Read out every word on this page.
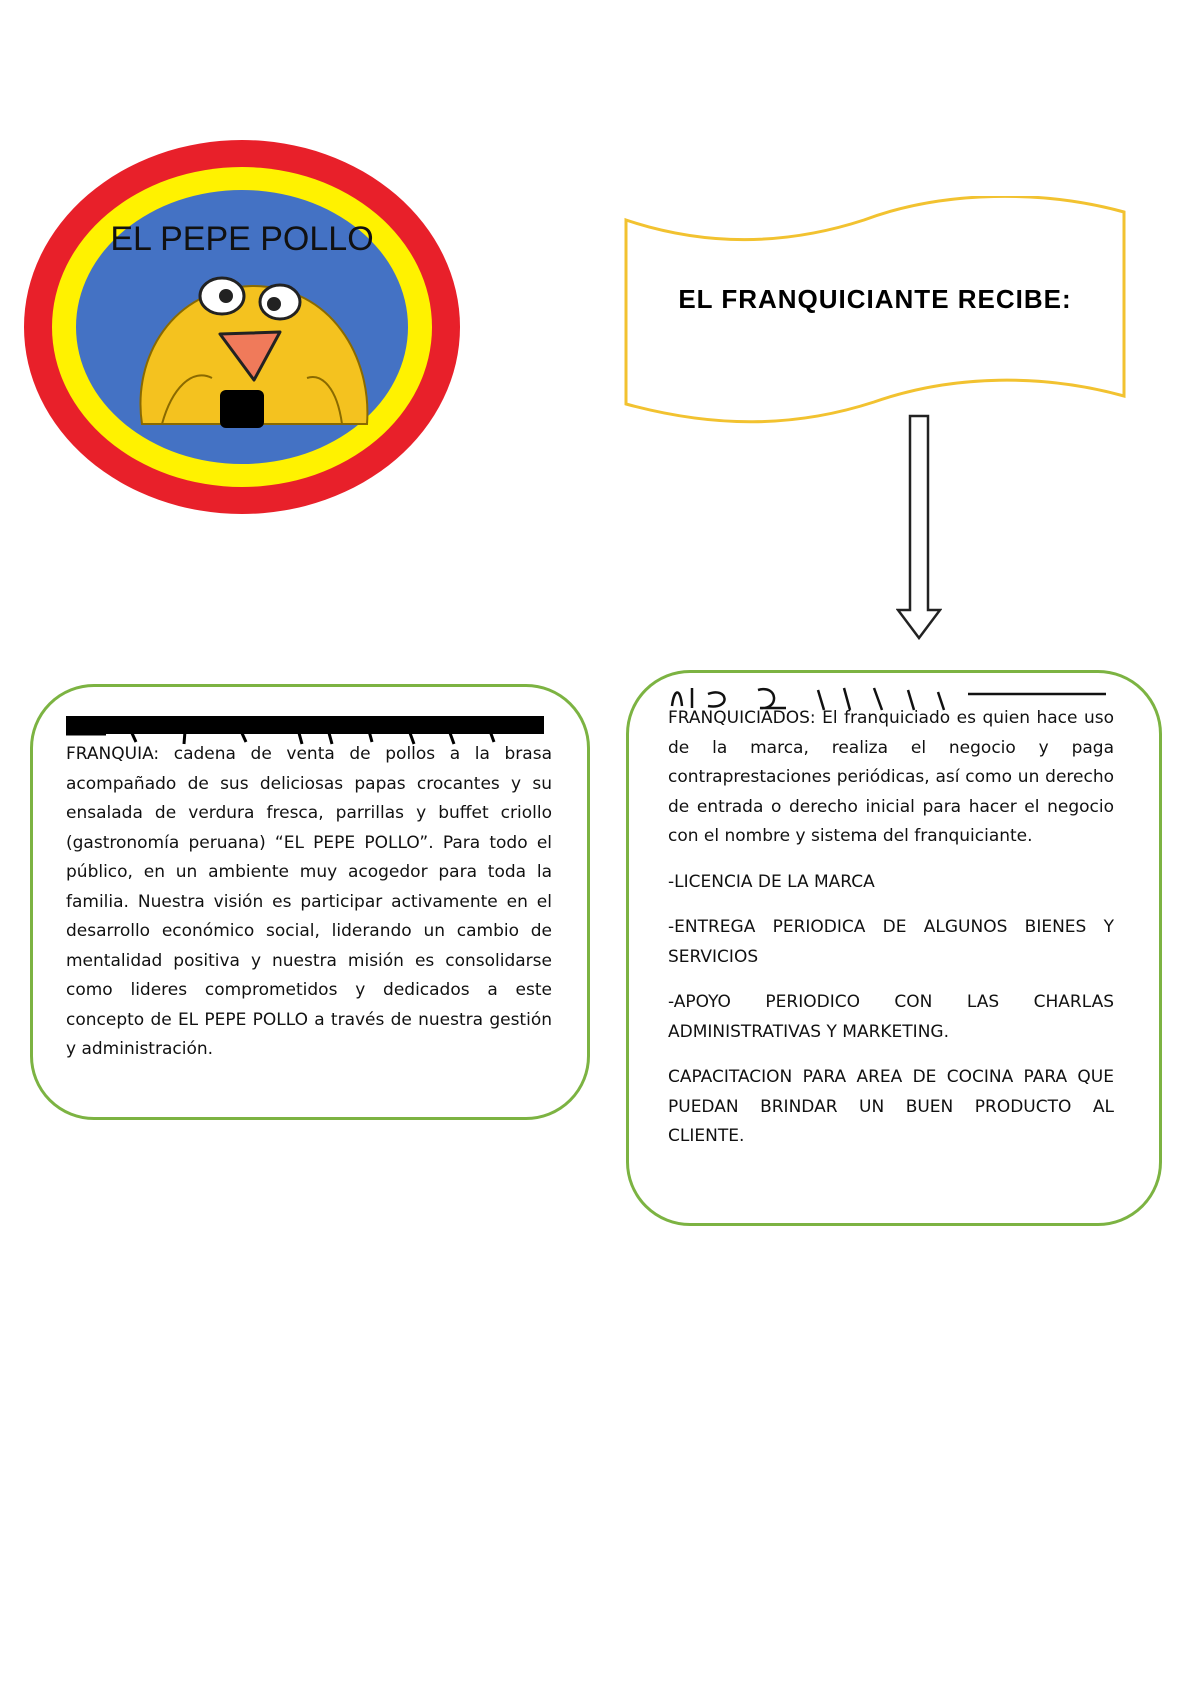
EL PEPE POLLO
EL FRANQUICIANTE RECIBE:

FRANQUIA: cadena de venta de pollos a la brasa acompañado de sus deliciosas papas crocantes y su ensalada de verdura fresca, parrillas y buffet criollo (gastronomía peruana) “EL PEPE POLLO”. Para todo el público, en un ambiente muy acogedor para toda la familia. Nuestra visión es participar activamente en el desarrollo económico social, liderando un cambio de mentalidad positiva y nuestra misión es consolidarse como lideres comprometidos y dedicados a este concepto de EL PEPE POLLO a través de nuestra gestión y administración.

FRANQUICIADOS: El franquiciado es quien hace uso de la marca, realiza el negocio y paga contraprestaciones periódicas, así como un derecho de entrada o derecho inicial para hacer el negocio con el nombre y sistema del franquiciante.

-LICENCIA DE LA MARCA

-ENTREGA PERIODICA DE ALGUNOS BIENES Y SERVICIOS

-APOYO PERIODICO CON LAS CHARLAS ADMINISTRATIVAS Y MARKETING.

CAPACITACION PARA AREA DE COCINA PARA QUE PUEDAN BRINDAR UN BUEN PRODUCTO AL CLIENTE.
